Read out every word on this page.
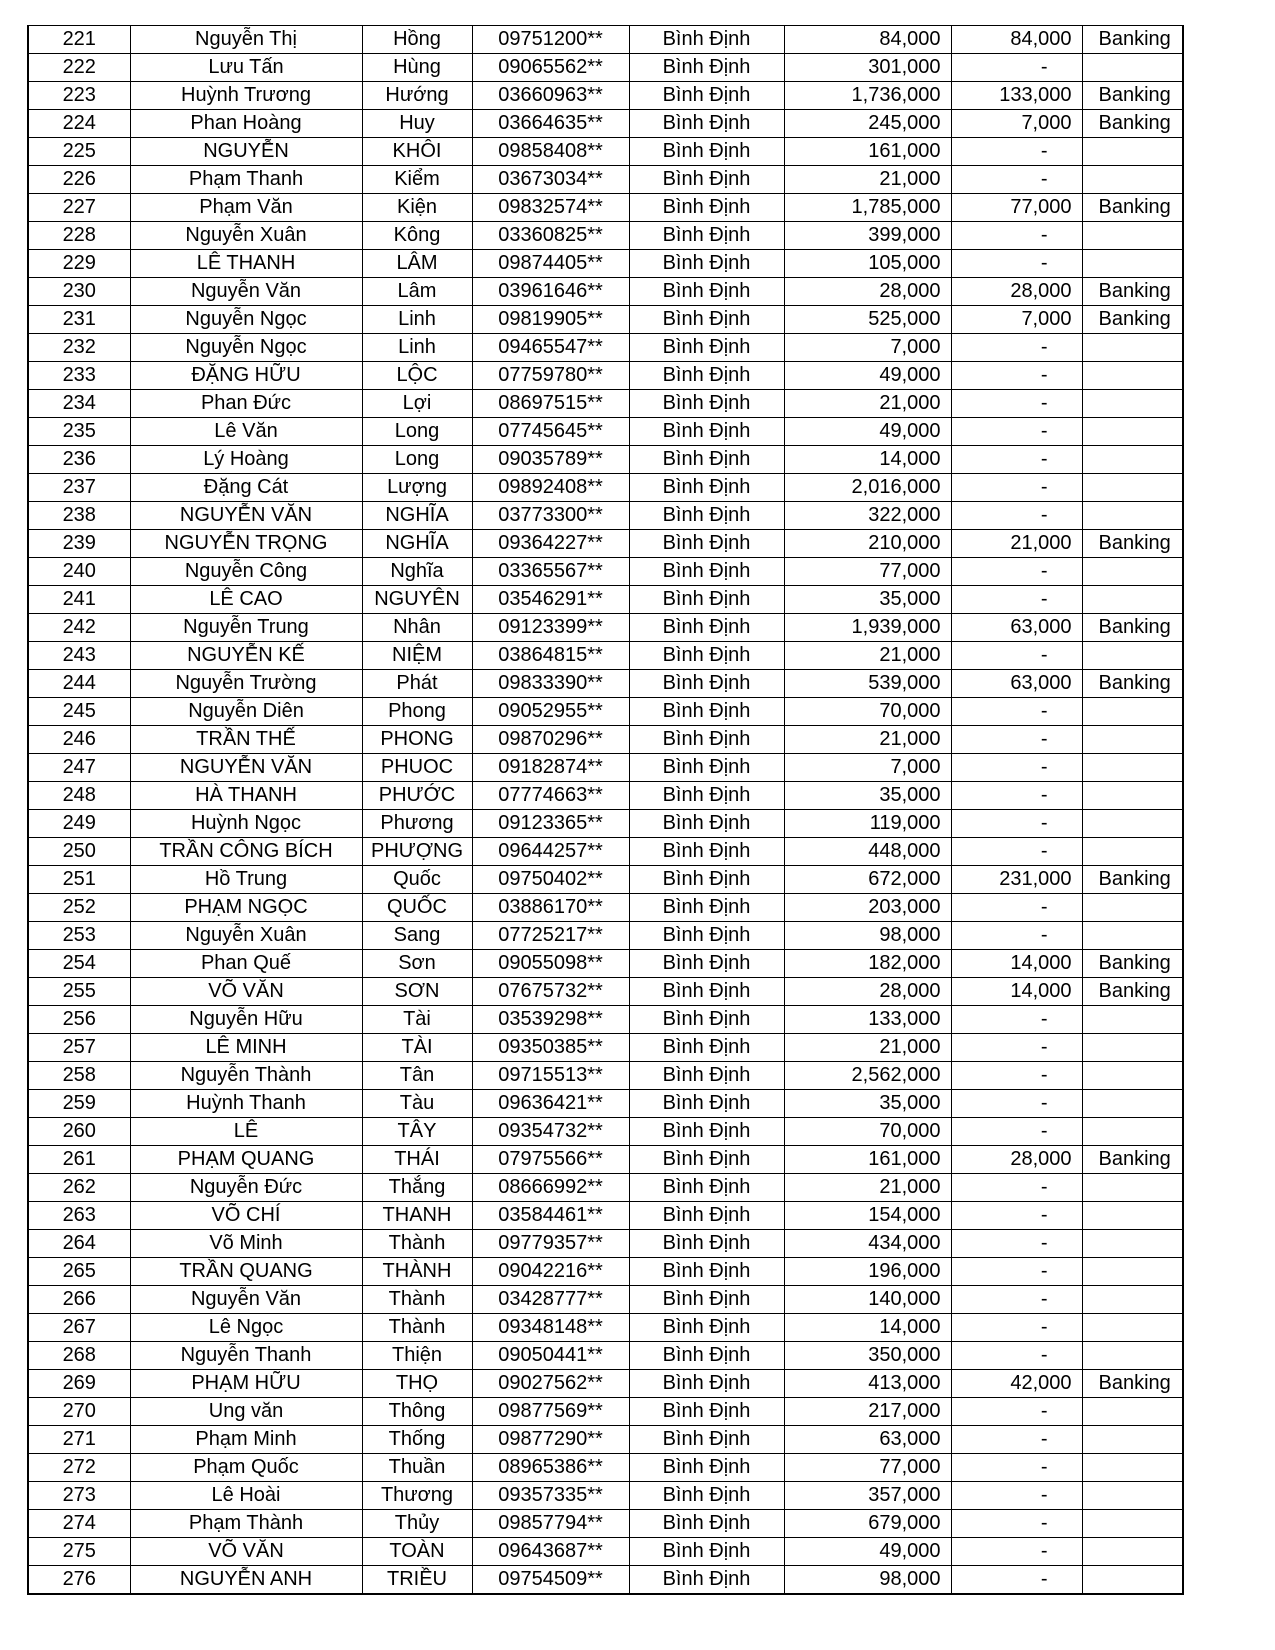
221	Nguyễn Thị	Hồng	09751200**	Bình Định	84,000	84,000	Banking
222	Lưu Tấn	Hùng	09065562**	Bình Định	301,000	-	
223	Huỳnh Trương	Hướng	03660963**	Bình Định	1,736,000	133,000	Banking
224	Phan Hoàng	Huy	03664635**	Bình Định	245,000	7,000	Banking
225	NGUYỄN	KHÔI	09858408**	Bình Định	161,000	-	
226	Phạm Thanh	Kiểm	03673034**	Bình Định	21,000	-	
227	Phạm Văn	Kiện	09832574**	Bình Định	1,785,000	77,000	Banking
228	Nguyễn Xuân	Kông	03360825**	Bình Định	399,000	-	
229	LÊ THANH	LÂM	09874405**	Bình Định	105,000	-	
230	Nguyễn Văn	Lâm	03961646**	Bình Định	28,000	28,000	Banking
231	Nguyễn Ngọc	Linh	09819905**	Bình Định	525,000	7,000	Banking
232	Nguyễn Ngọc	Linh	09465547**	Bình Định	7,000	-	
233	ĐẶNG HỮU	LỘC	07759780**	Bình Định	49,000	-	
234	Phan Đức	Lợi	08697515**	Bình Định	21,000	-	
235	Lê Văn	Long	07745645**	Bình Định	49,000	-	
236	Lý Hoàng	Long	09035789**	Bình Định	14,000	-	
237	Đặng Cát	Lượng	09892408**	Bình Định	2,016,000	-	
238	NGUYỄN VĂN	NGHĨA	03773300**	Bình Định	322,000	-	
239	NGUYỄN TRỌNG	NGHĨA	09364227**	Bình Định	210,000	21,000	Banking
240	Nguyễn Công	Nghĩa	03365567**	Bình Định	77,000	-	
241	LÊ CAO	NGUYÊN	03546291**	Bình Định	35,000	-	
242	Nguyễn Trung	Nhân	09123399**	Bình Định	1,939,000	63,000	Banking
243	NGUYỄN KẾ	NIỆM	03864815**	Bình Định	21,000	-	
244	Nguyễn Trường	Phát	09833390**	Bình Định	539,000	63,000	Banking
245	Nguyễn Diên	Phong	09052955**	Bình Định	70,000	-	
246	TRẦN THẾ	PHONG	09870296**	Bình Định	21,000	-	
247	NGUYỄN VĂN	PHUOC	09182874**	Bình Định	7,000	-	
248	HÀ THANH	PHƯỚC	07774663**	Bình Định	35,000	-	
249	Huỳnh Ngọc	Phương	09123365**	Bình Định	119,000	-	
250	TRẦN CÔNG BÍCH	PHƯỢNG	09644257**	Bình Định	448,000	-	
251	Hồ Trung	Quốc	09750402**	Bình Định	672,000	231,000	Banking
252	PHẠM NGỌC	QUỐC	03886170**	Bình Định	203,000	-	
253	Nguyễn Xuân	Sang	07725217**	Bình Định	98,000	-	
254	Phan Quế	Sơn	09055098**	Bình Định	182,000	14,000	Banking
255	VÕ VĂN	SƠN	07675732**	Bình Định	28,000	14,000	Banking
256	Nguyễn Hữu	Tài	03539298**	Bình Định	133,000	-	
257	LÊ MINH	TÀI	09350385**	Bình Định	21,000	-	
258	Nguyễn Thành	Tân	09715513**	Bình Định	2,562,000	-	
259	Huỳnh Thanh	Tàu	09636421**	Bình Định	35,000	-	
260	LÊ	TÂY	09354732**	Bình Định	70,000	-	
261	PHẠM QUANG	THÁI	07975566**	Bình Định	161,000	28,000	Banking
262	Nguyễn Đức	Thắng	08666992**	Bình Định	21,000	-	
263	VÕ CHÍ	THANH	03584461**	Bình Định	154,000	-	
264	Võ Minh	Thành	09779357**	Bình Định	434,000	-	
265	TRẦN QUANG	THÀNH	09042216**	Bình Định	196,000	-	
266	Nguyễn Văn	Thành	03428777**	Bình Định	140,000	-	
267	Lê Ngọc	Thành	09348148**	Bình Định	14,000	-	
268	Nguyễn Thanh	Thiện	09050441**	Bình Định	350,000	-	
269	PHẠM HỮU	THỌ	09027562**	Bình Định	413,000	42,000	Banking
270	Ung văn	Thông	09877569**	Bình Định	217,000	-	
271	Phạm Minh	Thống	09877290**	Bình Định	63,000	-	
272	Phạm Quốc	Thuần	08965386**	Bình Định	77,000	-	
273	Lê Hoài	Thương	09357335**	Bình Định	357,000	-	
274	Phạm Thành	Thủy	09857794**	Bình Định	679,000	-	
275	VÕ VĂN	TOÀN	09643687**	Bình Định	49,000	-	
276	NGUYỄN ANH	TRIỀU	09754509**	Bình Định	98,000	-	
